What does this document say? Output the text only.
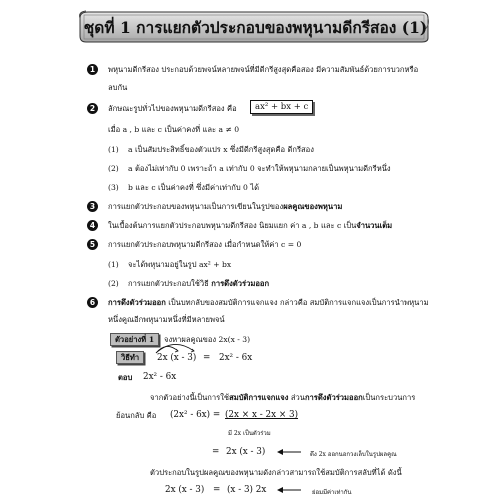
ชุดที่ 1 การแยกตัวประกอบของพหุนามดีกรีสอง (1)
1	พหุนามดีกรีสอง ประกอบด้วยพจน์หลายพจน์ที่มีดีกรีสูงสุดคือสอง มีความสัมพันธ์ด้วยการบวกหรือ
ลบกัน
2	ลักษณะรูปทั่วไปของพหุนามดีกรีสอง คือ	ax² + bx + c
เมื่อ a , b และ c เป็นค่าคงที่ และ a ≠ 0
(1) a เป็นสัมประสิทธิ์ของตัวแปร x ซึ่งมีดีกรีสูงสุดคือ ดีกรีสอง
(2) a ต้องไม่เท่ากับ 0 เพราะถ้า a เท่ากับ 0 จะทำให้พหุนามกลายเป็นพหุนามดีกรีหนึ่ง
(3) b และ c เป็นค่าคงที่ ซึ่งมีค่าเท่ากับ 0 ได้
3	การแยกตัวประกอบของพหุนามเป็นการเขียนในรูปของผลคูณของพหุนาม
4	ในเบื้องต้นการแยกตัวประกอบพหุนามดีกรีสอง นิยมแยก ค่า a , b และ c เป็นจำนวนเต็ม
5	การแยกตัวประกอบพหุนามดีกรีสอง เมื่อกำหนดให้ค่า c = 0
(1) จะได้พหุนามอยู่ในรูป ax² + bx
(2) การแยกตัวประกอบใช้วิธี การดึงตัวร่วมออก
6	การดึงตัวร่วมออก เป็นบทกลับของสมบัติการแจกแจง กล่าวคือ สมบัติการแจกแจงเป็นการนำพหุนาม
หนึ่งคูณอีกพหุนามหนึ่งที่มีหลายพจน์
ตัวอย่างที่ 1	จงหาผลคูณของ 2x(x - 3)
วิธีทำ	2x (x - 3) = 2x² - 6x
ตอบ 2x² - 6x
จากตัวอย่างนี้เป็นการใช้สมบัติการแจกแจง ส่วนการดึงตัวร่วมออกเป็นกระบวนการ
ย้อนกลับ คือ (2x² - 6x) = (2x × x - 2x × 3)
มี 2x เป็นตัวร่วม
= 2x (x - 3)	ดึง 2x ออกนอกวงเล็บในรูปผลคูณ
ตัวประกอบในรูปผลคูณของพหุนามดังกล่าวสามารถใช้สมบัติการสลับที่ได้ ดังนี้
2x (x - 3) = (x - 3) 2x	ย่อมมีค่าเท่ากัน
